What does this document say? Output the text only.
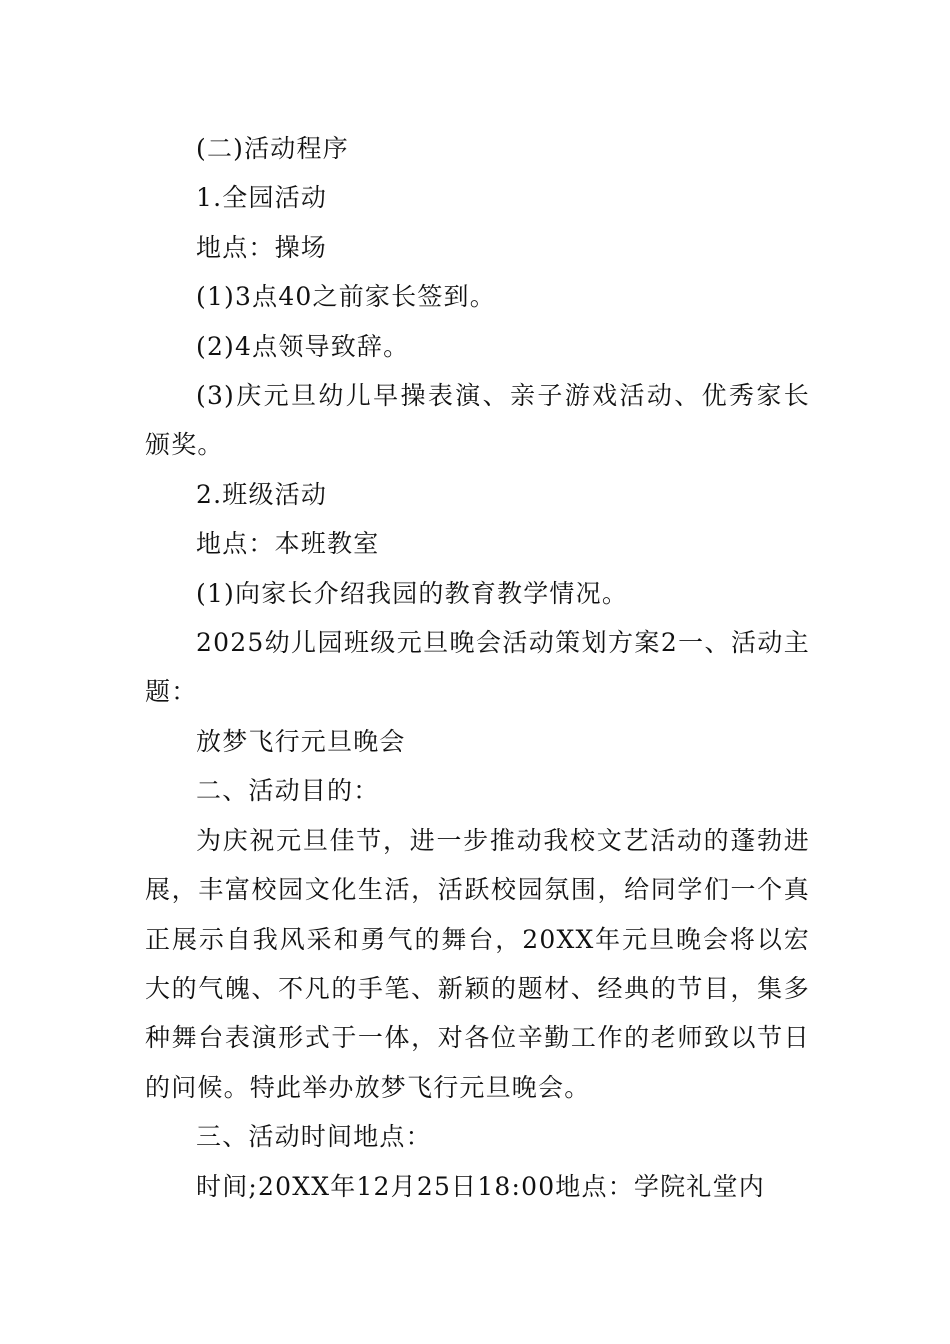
(二)活动程序

1.全园活动

地点：操场

(1)3点40之前家长签到。

(2)4点领导致辞。

(3)庆元旦幼儿早操表演、亲子游戏活动、优秀家长颁奖。

2.班级活动

地点：本班教室

(1)向家长介绍我园的教育教学情况。

2025幼儿园班级元旦晚会活动策划方案2一、活动主题：

放梦飞行元旦晚会

二、活动目的：

为庆祝元旦佳节，进一步推动我校文艺活动的蓬勃进展，丰富校园文化生活，活跃校园氛围，给同学们一个真正展示自我风采和勇气的舞台，20XX年元旦晚会将以宏大的气魄、不凡的手笔、新颖的题材、经典的节目，集多种舞台表演形式于一体，对各位辛勤工作的老师致以节日的问候。特此举办放梦飞行元旦晚会。

三、活动时间地点：

时间;20XX年12月25日18:00地点：学院礼堂内
